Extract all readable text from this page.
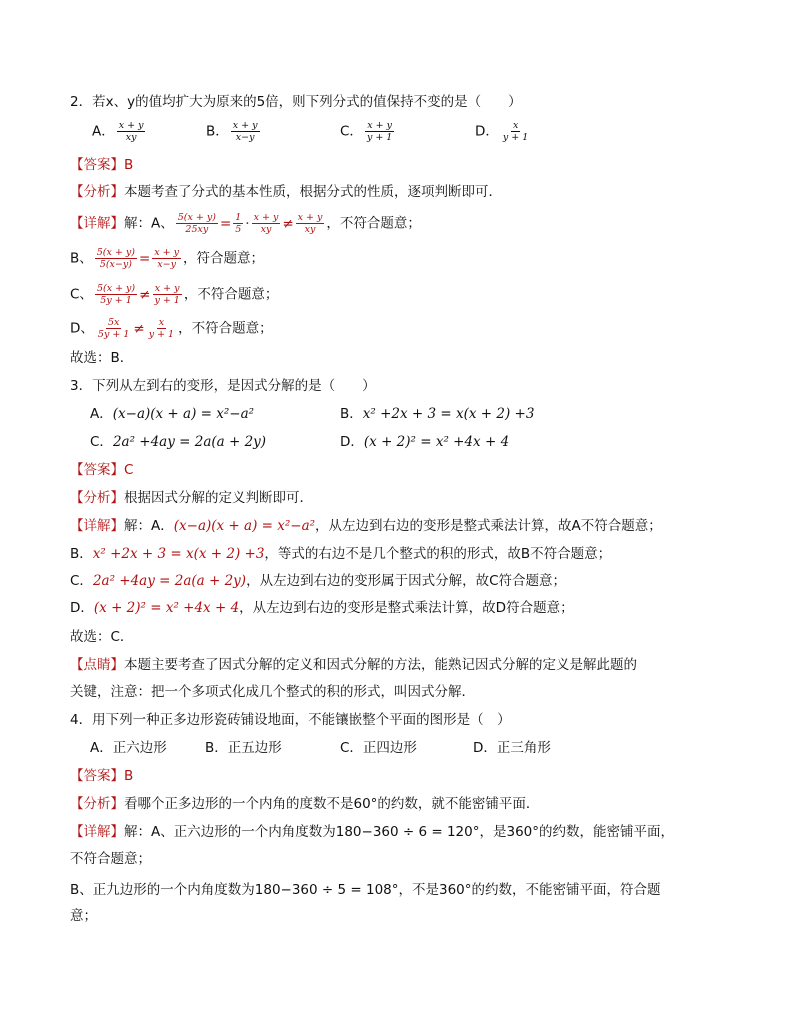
2．若x、y的值均扩大为原来的5倍，则下列分式的值保持不变的是（　　）
A． $\frac{x + y}{xy}$	B． $\frac{x + y}{x-y}$	C． $\frac{x + y}{y + 1}$	D． $\frac{x}{y + 1}$
【答案】B
【分析】本题考查了分式的基本性质，根据分式的性质，逐项判断即可．
【详解】解：A、 $\frac{5(x + y)}{25xy} = \frac{1}{5} \cdot \frac{x + y}{xy} \ne \frac{x + y}{xy}$ ，不符合题意；
B、 $\frac{5(x + y)}{5(x-y)} = \frac{x + y}{x-y}$ ，符合题意；
C、 $\frac{5(x + y)}{5y + 1} \ne \frac{x + y}{y + 1}$ ，不符合题意；
D、 $\frac{5x}{5y + 1} \ne \frac{x}{y + 1}$ ，不符合题意；
故选：B．
3．下列从左到右的变形，是因式分解的是（　　）
A．(x−a)(x + a) = x²−a²	B．x² +2x + 3 = x(x + 2) +3
C．2a² +4ay = 2a(a + 2y)	D．(x + 2)² = x² +4x + 4
【答案】C
【分析】根据因式分解的定义判断即可．
【详解】解：A．(x−a)(x + a) = x²−a²，从左边到右边的变形是整式乘法计算，故A不符合题意；
B．x² +2x + 3 = x(x + 2) +3，等式的右边不是几个整式的积的形式，故B不符合题意；
C．2a² +4ay = 2a(a + 2y)，从左边到右边的变形属于因式分解，故C符合题意；
D．(x + 2)² = x² +4x + 4，从左边到右边的变形是整式乘法计算，故D符合题意；
故选：C．
【点睛】本题主要考查了因式分解的定义和因式分解的方法，能熟记因式分解的定义是解此题的
关键，注意：把一个多项式化成几个整式的积的形式，叫因式分解．
4．用下列一种正多边形瓷砖铺设地面，不能镶嵌整个平面的图形是（　）
A．正六边形	B．正五边形	C．正四边形	D．正三角形
【答案】B
【分析】看哪个正多边形的一个内角的度数不是60°的约数，就不能密铺平面．
【详解】解：A、正六边形的一个内角度数为180−360 ÷ 6 = 120°，是360°的约数，能密铺平面，
不符合题意；
B、正九边形的一个内角度数为180−360 ÷ 5 = 108°，不是360°的约数，不能密铺平面，符合题
意；
